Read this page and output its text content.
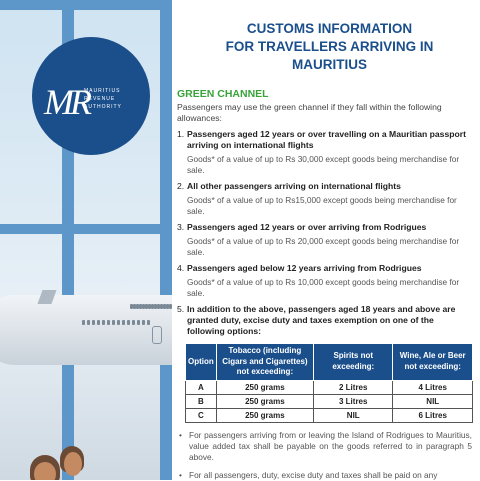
MR
MAURITIUS
REVENUE
AUTHORITY
CUSTOMS INFORMATION
FOR TRAVELLERS ARRIVING IN MAURITIUS
GREEN CHANNEL
Passengers may use the green channel if they fall within the following allowances:
1. Passengers aged 12 years or over travelling on a Mauritian passport arriving on international flights
Goods* of a value of up to Rs 30,000 except goods being merchandise for sale.
2. All other passengers arriving on international flights
Goods* of a value of up to Rs15,000 except goods being merchandise for sale.
3. Passengers aged 12 years or over arriving from Rodrigues
Goods* of a value of up to Rs 20,000 except goods being merchandise for sale.
4. Passengers aged below 12 years arriving from Rodrigues
Goods* of a value of up to Rs 10,000 except goods being merchandise for sale.
5. In addition to the above, passengers aged 18 years and above are granted duty, excise duty and taxes exemption on one of the following options:
Option	Tobacco (including Cigars and Cigarettes) not exceeding:	Spirits not exceeding:	Wine, Ale or Beer not exceeding:
A	250 grams	2 Litres	4 Litres
B	250 grams	3 Litres	NIL
C	250 grams	NIL	6 Litres
• For passengers arriving from or leaving the Island of Rodrigues to Mauritius, value added tax shall be payable on the goods referred to in paragraph 5 above.
• For all passengers, duty, excise duty and taxes shall be paid on any
